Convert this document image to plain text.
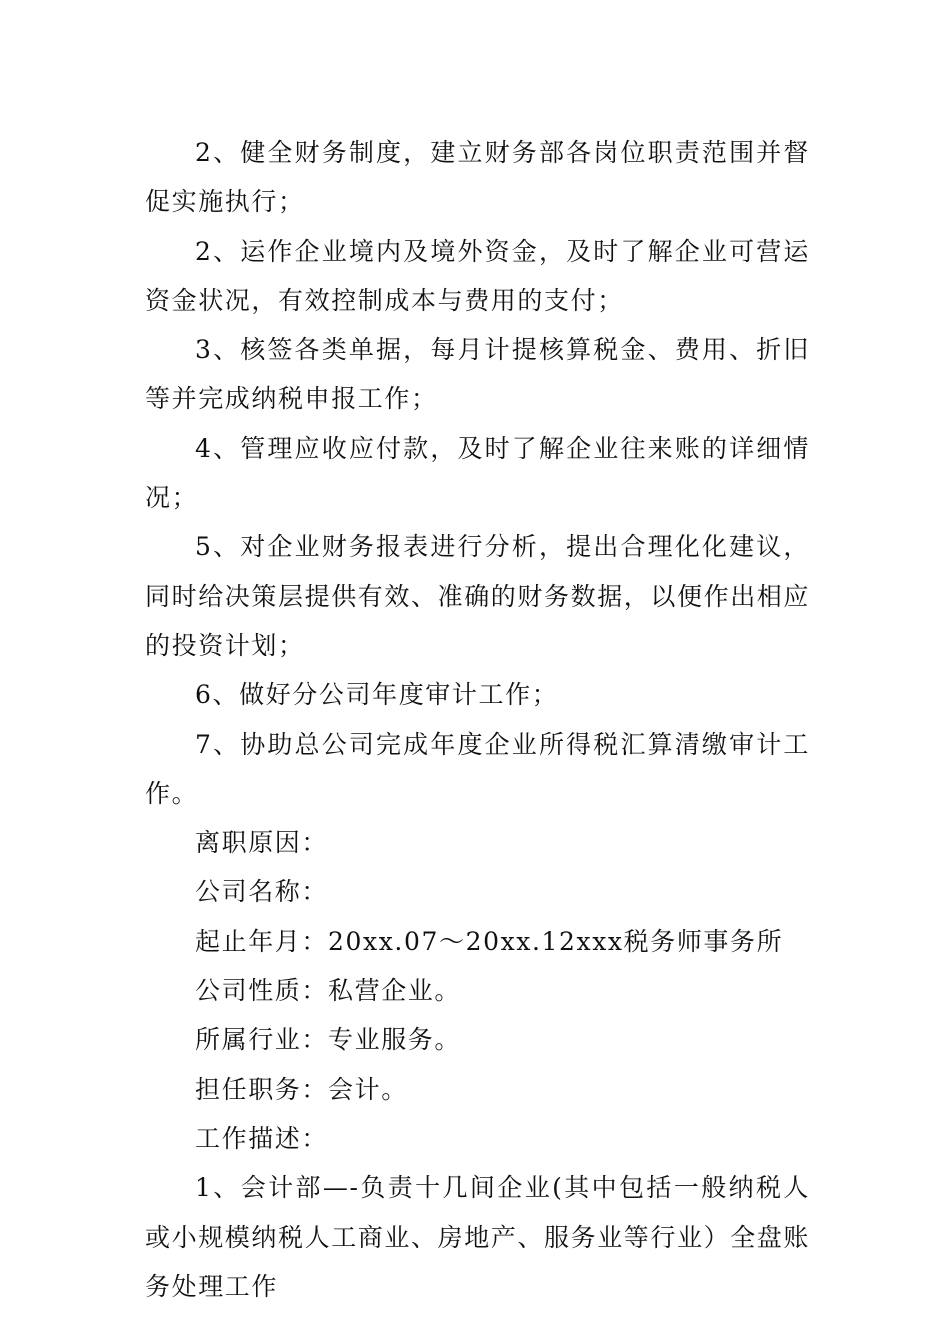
2、健全财务制度，建立财务部各岗位职责范围并督促实施执行；

2、运作企业境内及境外资金，及时了解企业可营运资金状况，有效控制成本与费用的支付；

3、核签各类单据，每月计提核算税金、费用、折旧等并完成纳税申报工作；

4、管理应收应付款，及时了解企业往来账的详细情况；

5、对企业财务报表进行分析，提出合理化化建议，同时给决策层提供有效、准确的财务数据，以便作出相应的投资计划；

6、做好分公司年度审计工作；

7、协助总公司完成年度企业所得税汇算清缴审计工作。

离职原因：

公司名称：

起止年月：20xx.07～20xx.12xxx税务师事务所

公司性质：私营企业。

所属行业：专业服务。

担任职务：会计。

工作描述：

1、会计部—-负责十几间企业(其中包括一般纳税人或小规模纳税人工商业、房地产、服务业等行业）全盘账务处理工作
